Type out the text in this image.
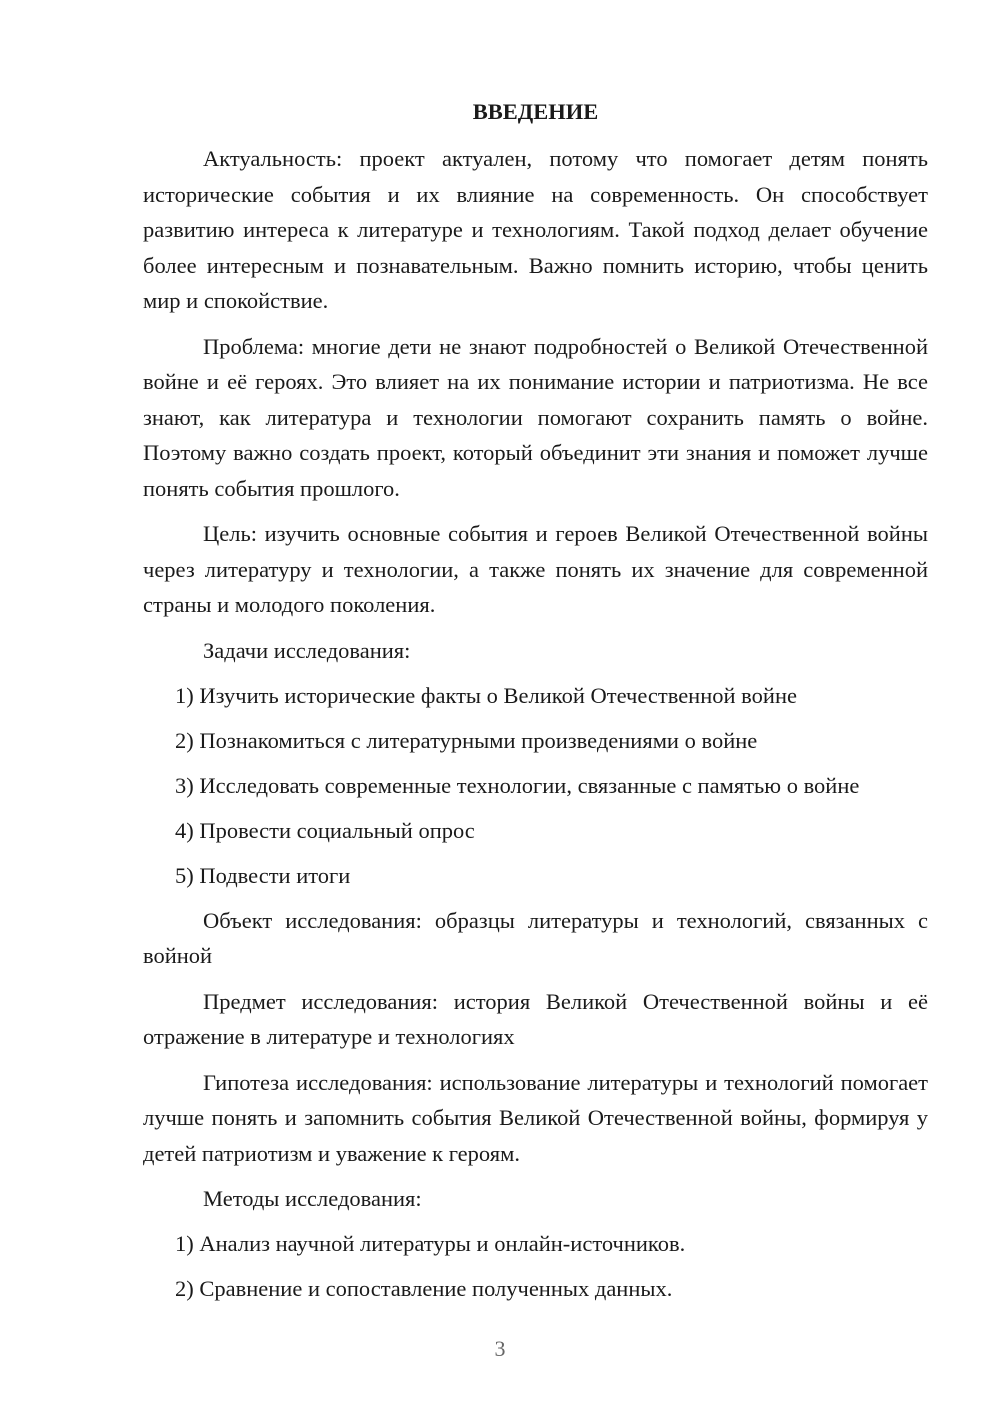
ВВЕДЕНИЕ

Актуальность: проект актуален, потому что помогает детям понять исторические события и их влияние на современность. Он способствует развитию интереса к литературе и технологиям. Такой подход делает обучение более интересным и познавательным. Важно помнить историю, чтобы ценить мир и спокойствие.

Проблема: многие дети не знают подробностей о Великой Отечественной войне и её героях. Это влияет на их понимание истории и патриотизма. Не все знают, как литература и технологии помогают сохранить память о войне. Поэтому важно создать проект, который объединит эти знания и поможет лучше понять события прошлого.

Цель: изучить основные события и героев Великой Отечественной войны через литературу и технологии, а также понять их значение для современной страны и молодого поколения.

Задачи исследования:
1) Изучить исторические факты о Великой Отечественной войне
2) Познакомиться с литературными произведениями о войне
3) Исследовать современные технологии, связанные с памятью о войне
4) Провести социальный опрос
5) Подвести итоги

Объект исследования: образцы литературы и технологий, связанных с войной

Предмет исследования: история Великой Отечественной войны и её отражение в литературе и технологиях

Гипотеза исследования: использование литературы и технологий помогает лучше понять и запомнить события Великой Отечественной войны, формируя у детей патриотизм и уважение к героям.

Методы исследования:
1) Анализ научной литературы и онлайн-источников.
2) Сравнение и сопоставление полученных данных.
3
